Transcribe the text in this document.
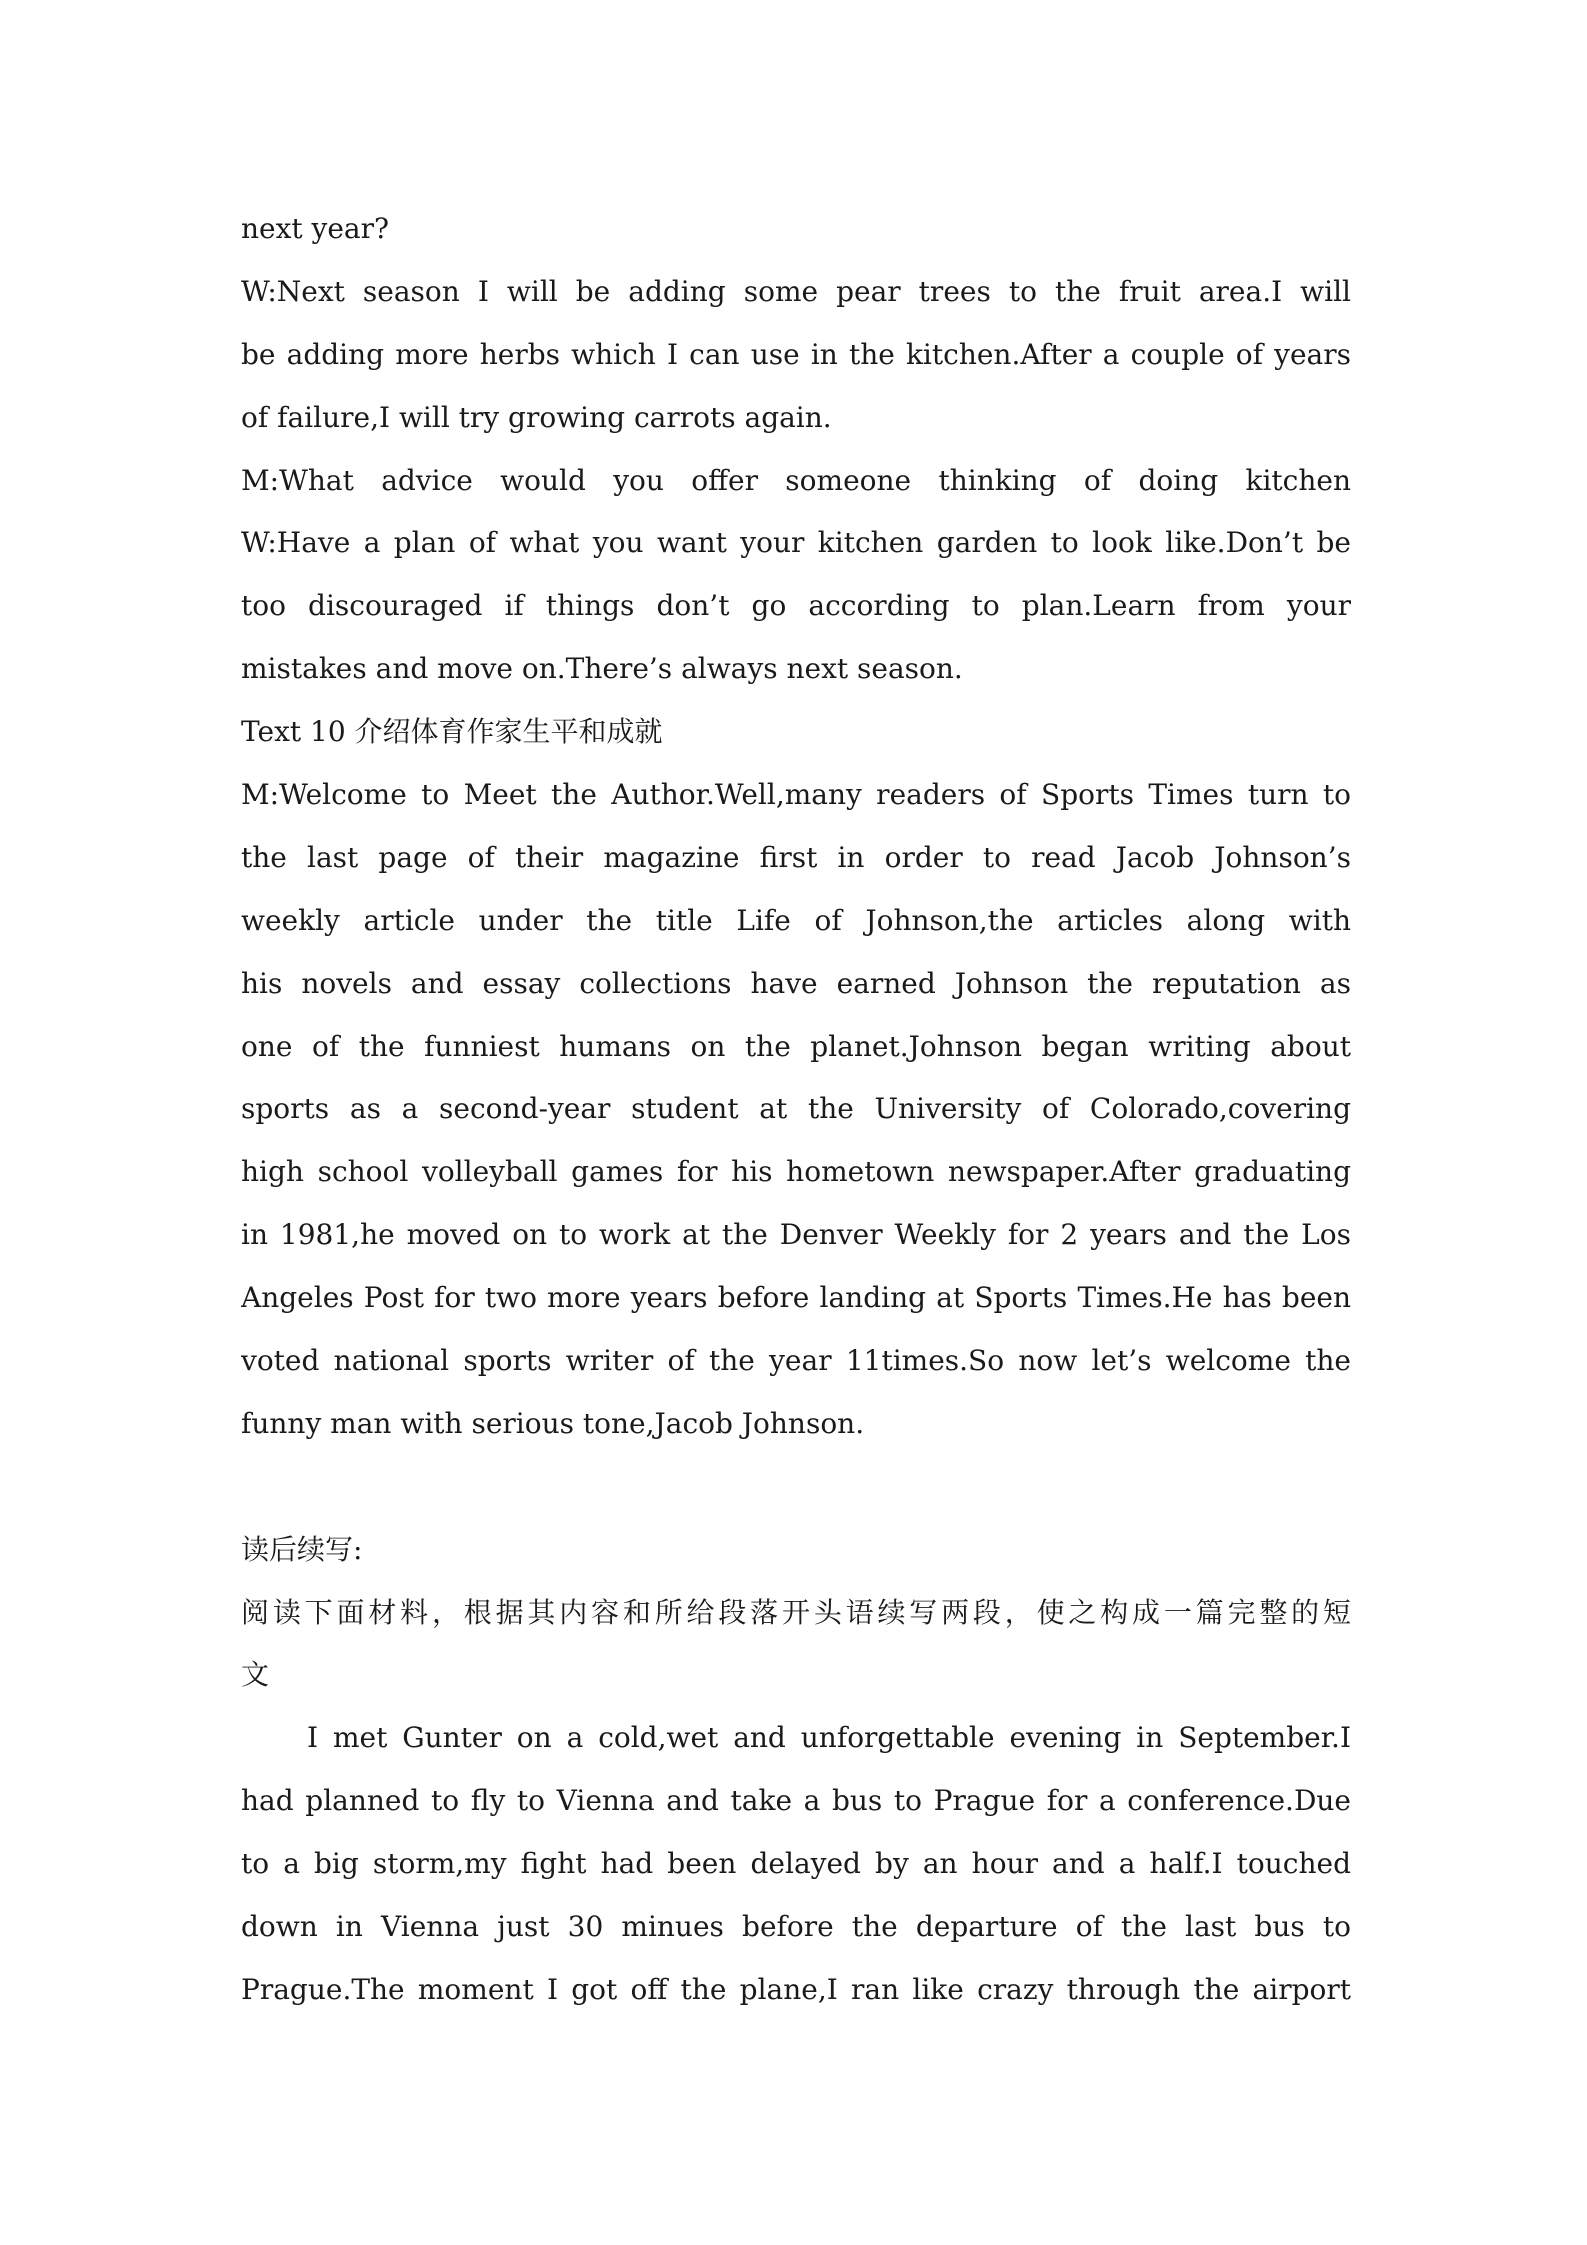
next year?
W:Next season I will be adding some pear trees to the fruit area.I will
be adding more herbs which I can use in the kitchen.After a couple of years
of failure,I will try growing carrots again.
M:What advice would you offer someone thinking of doing kitchen
W:Have a plan of what you want your kitchen garden to look like.Don’t be
too discouraged if things don’t go according to plan.Learn from your
mistakes and move on.There’s always next season.
Text 10 介绍体育作家生平和成就
M:Welcome to Meet the Author.Well,many readers of Sports Times turn to
the last page of their magazine first in order to read Jacob Johnson’s
weekly article under the title Life of Johnson,the articles along with
his novels and essay collections have earned Johnson the reputation as
one of the funniest humans on the planet.Johnson began writing about
sports as a second-year student at the University of Colorado,covering
high school volleyball games for his hometown newspaper.After graduating
in 1981,he moved on to work at the Denver Weekly for 2 years and the Los
Angeles Post for two more years before landing at Sports Times.He has been
voted national sports writer of the year 11times.So now let’s welcome the
funny man with serious tone,Jacob Johnson.
读后续写:
阅读下面材料，根据其内容和所给段落开头语续写两段，使之构成一篇完整的短
文
I met Gunter on a cold,wet and unforgettable evening in September.I
had planned to fly to Vienna and take a bus to Prague for a conference.Due
to a big storm,my fight had been delayed by an hour and a half.I touched
down in Vienna just 30 minues before the departure of the last bus to
Prague.The moment I got off the plane,I ran like crazy through the airport
